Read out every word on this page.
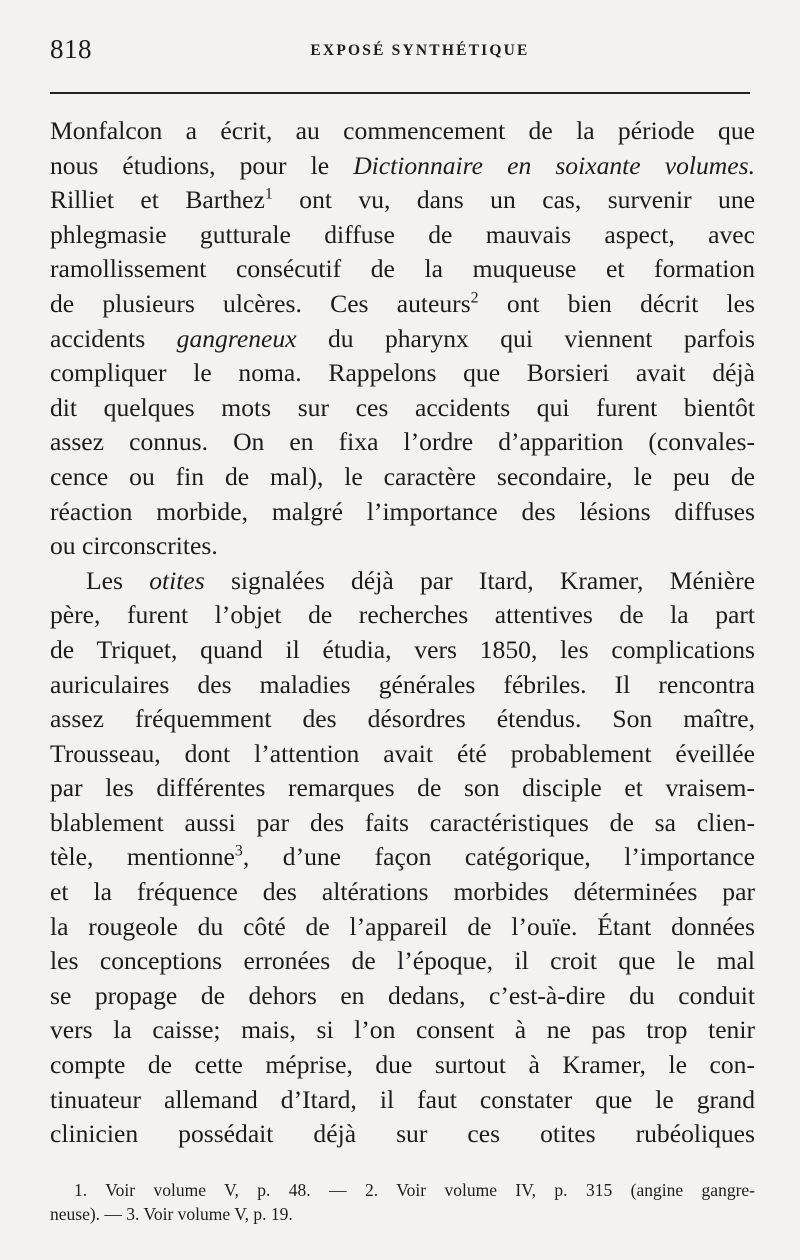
818	EXPOSÉ SYNTHÉTIQUE
Monfalcon a écrit, au commencement de la période que
nous étudions, pour le Dictionnaire en soixante volumes.
Rilliet et Barthez$^1$ ont vu, dans un cas, survenir une
phlegmasie gutturale diffuse de mauvais aspect, avec
ramollissement consécutif de la muqueuse et formation
de plusieurs ulcères. Ces auteurs$^2$ ont bien décrit les
accidents gangreneux du pharynx qui viennent parfois
compliquer le noma. Rappelons que Borsieri avait déjà
dit quelques mots sur ces accidents qui furent bientôt
assez connus. On en fixa l’ordre d’apparition (convales-
cence ou fin de mal), le caractère secondaire, le peu de
réaction morbide, malgré l’importance des lésions diffuses
ou circonscrites.
Les otites signalées déjà par Itard, Kramer, Ménière
père, furent l’objet de recherches attentives de la part
de Triquet, quand il étudia, vers 1850, les complications
auriculaires des maladies générales fébriles. Il rencontra
assez fréquemment des désordres étendus. Son maître,
Trousseau, dont l’attention avait été probablement éveillée
par les différentes remarques de son disciple et vraisem-
blablement aussi par des faits caractéristiques de sa clien-
tèle, mentionne$^3$, d’une façon catégorique, l’importance
et la fréquence des altérations morbides déterminées par
la rougeole du côté de l’appareil de l’ouïe. Étant données
les conceptions erronées de l’époque, il croit que le mal
se propage de dehors en dedans, c’est-à-dire du conduit
vers la caisse; mais, si l’on consent à ne pas trop tenir
compte de cette méprise, due surtout à Kramer, le con-
tinuateur allemand d’Itard, il faut constater que le grand
clinicien possédait déjà sur ces otites rubéoliques
1. Voir volume V, p. 48. — 2. Voir volume IV, p. 315 (angine gangre-
neuse). — 3. Voir volume V, p. 19.
